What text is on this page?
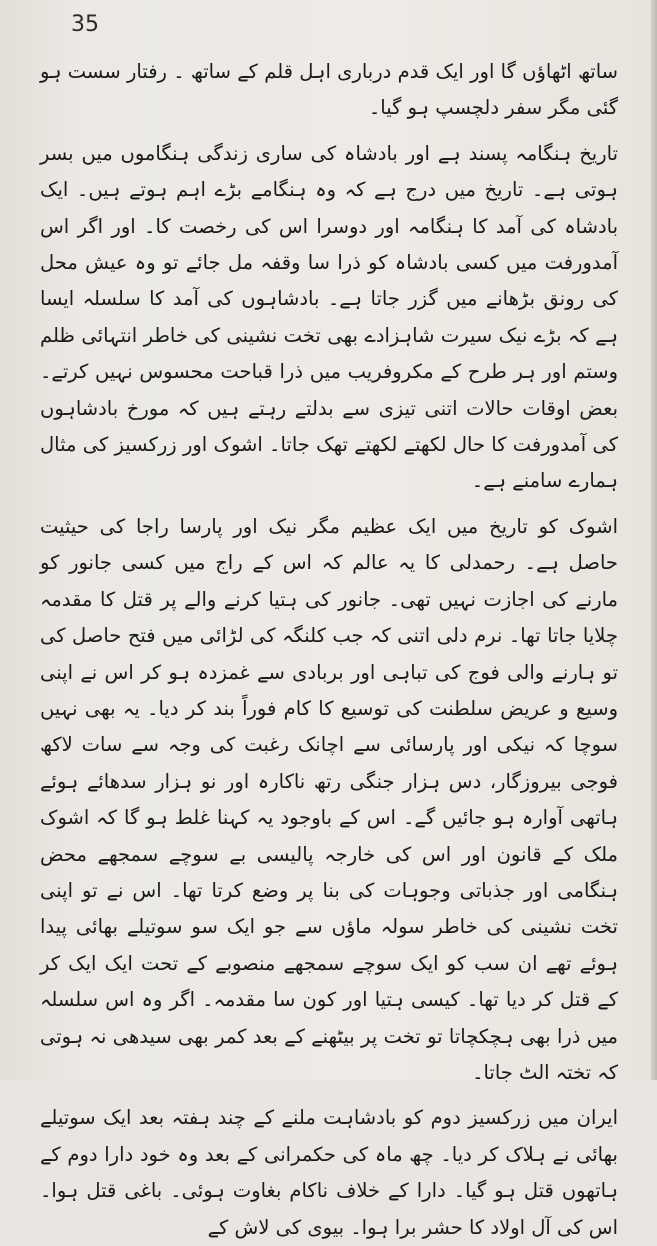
35

ساتھ اٹھاؤں گا اور ایک قدم درباری اہل قلم کے ساتھ ۔ رفتار سست ہو گئی مگر سفر دلچسپ ہو گیا۔

تاریخ ہنگامہ پسند ہے اور بادشاہ کی ساری زندگی ہنگاموں میں بسر ہوتی ہے۔ تاریخ میں درج ہے کہ وہ ہنگامے بڑے اہم ہوتے ہیں۔ ایک بادشاہ کی آمد کا ہنگامہ اور دوسرا اس کی رخصت کا۔ اور اگر اس آمدورفت میں کسی بادشاہ کو ذرا سا وقفہ مل جائے تو وہ عیش محل کی رونق بڑھانے میں گزر جاتا ہے۔ بادشاہوں کی آمد کا سلسلہ ایسا ہے کہ بڑے نیک سیرت شاہزادے بھی تخت نشینی کی خاطر انتہائی ظلم وستم اور ہر طرح کے مکروفریب میں ذرا قباحت محسوس نہیں کرتے۔ بعض اوقات حالات اتنی تیزی سے بدلتے رہتے ہیں کہ مورخ بادشاہوں کی آمدورفت کا حال لکھتے لکھتے تھک جاتا۔ اشوک اور زرکسیز کی مثال ہمارے سامنے ہے۔

اشوک کو تاریخ میں ایک عظیم مگر نیک اور پارسا راجا کی حیثیت حاصل ہے۔ رحمدلی کا یہ عالم کہ اس کے راج میں کسی جانور کو مارنے کی اجازت نہیں تھی۔ جانور کی ہتیا کرنے والے پر قتل کا مقدمہ چلایا جاتا تھا۔ نرم دلی اتنی کہ جب کلنگہ کی لڑائی میں فتح حاصل کی تو ہارنے والی فوج کی تباہی اور بربادی سے غمزدہ ہو کر اس نے اپنی وسیع و عریض سلطنت کی توسیع کا کام فوراً بند کر دیا۔ یہ بھی نہیں سوچا کہ نیکی اور پارسائی سے اچانک رغبت کی وجہ سے سات لاکھ فوجی بیروزگار، دس ہزار جنگی رتھ ناکارہ اور نو ہزار سدھائے ہوئے ہاتھی آوارہ ہو جائیں گے۔ اس کے باوجود یہ کہنا غلط ہو گا کہ اشوک ملک کے قانون اور اس کی خارجہ پالیسی بے سوچے سمجھے محض ہنگامی اور جذباتی وجوہات کی بنا پر وضع کرتا تھا۔ اس نے تو اپنی تخت نشینی کی خاطر سولہ ماؤں سے جو ایک سو سوتیلے بھائی پیدا ہوئے تھے ان سب کو ایک سوچے سمجھے منصوبے کے تحت ایک ایک کر کے قتل کر دیا تھا۔ کیسی ہتیا اور کون سا مقدمہ۔ اگر وہ اس سلسلہ میں ذرا بھی ہچکچاتا تو تخت پر بیٹھنے کے بعد کمر بھی سیدھی نہ ہوتی کہ تختہ الٹ جاتا۔

ایران میں زرکسیز دوم کو بادشاہت ملنے کے چند ہفتہ بعد ایک سوتیلے بھائی نے ہلاک کر دیا۔ چھ ماہ کی حکمرانی کے بعد وہ خود دارا دوم کے ہاتھوں قتل ہو گیا۔ دارا کے خلاف ناکام بغاوت ہوئی۔ باغی قتل ہوا۔ اس کی آل اولاد کا حشر برا ہوا۔ بیوی کی لاش کے
